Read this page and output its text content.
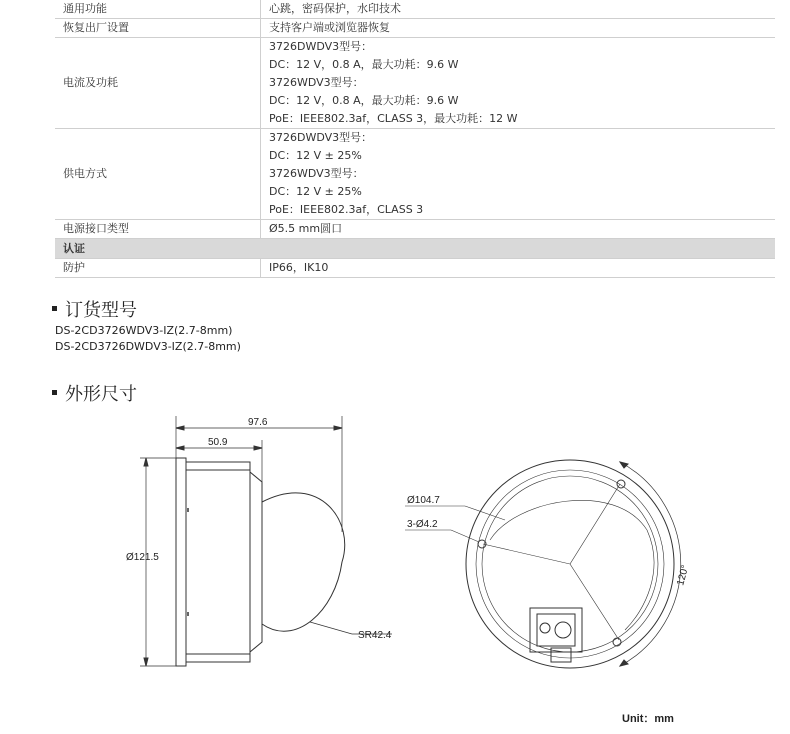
通用功能	心跳，密码保护，水印技术
恢复出厂设置	支持客户端或浏览器恢复
电流及功耗	3726DWDV3型号：
DC：12 V，0.8 A，最大功耗：9.6 W
3726WDV3型号：
DC：12 V，0.8 A，最大功耗：9.6 W
PoE：IEEE802.3af，CLASS 3，最大功耗：12 W

供电方式	3726DWDV3型号：
DC：12 V ± 25%
3726WDV3型号：
DC：12 V ± 25%
PoE：IEEE802.3af，CLASS 3

电源接口类型	Ø5.5 mm圆口
认证	
防护	IP66，IK10
订货型号
DS-2CD3726WDV3-IZ(2.7-8mm)
DS-2CD3726DWDV3-IZ(2.7-8mm)
外形尺寸
97.6
50.9
Ø121.5
SR42.4
Ø104.7
3-Ø4.2
120°
Unit：mm
